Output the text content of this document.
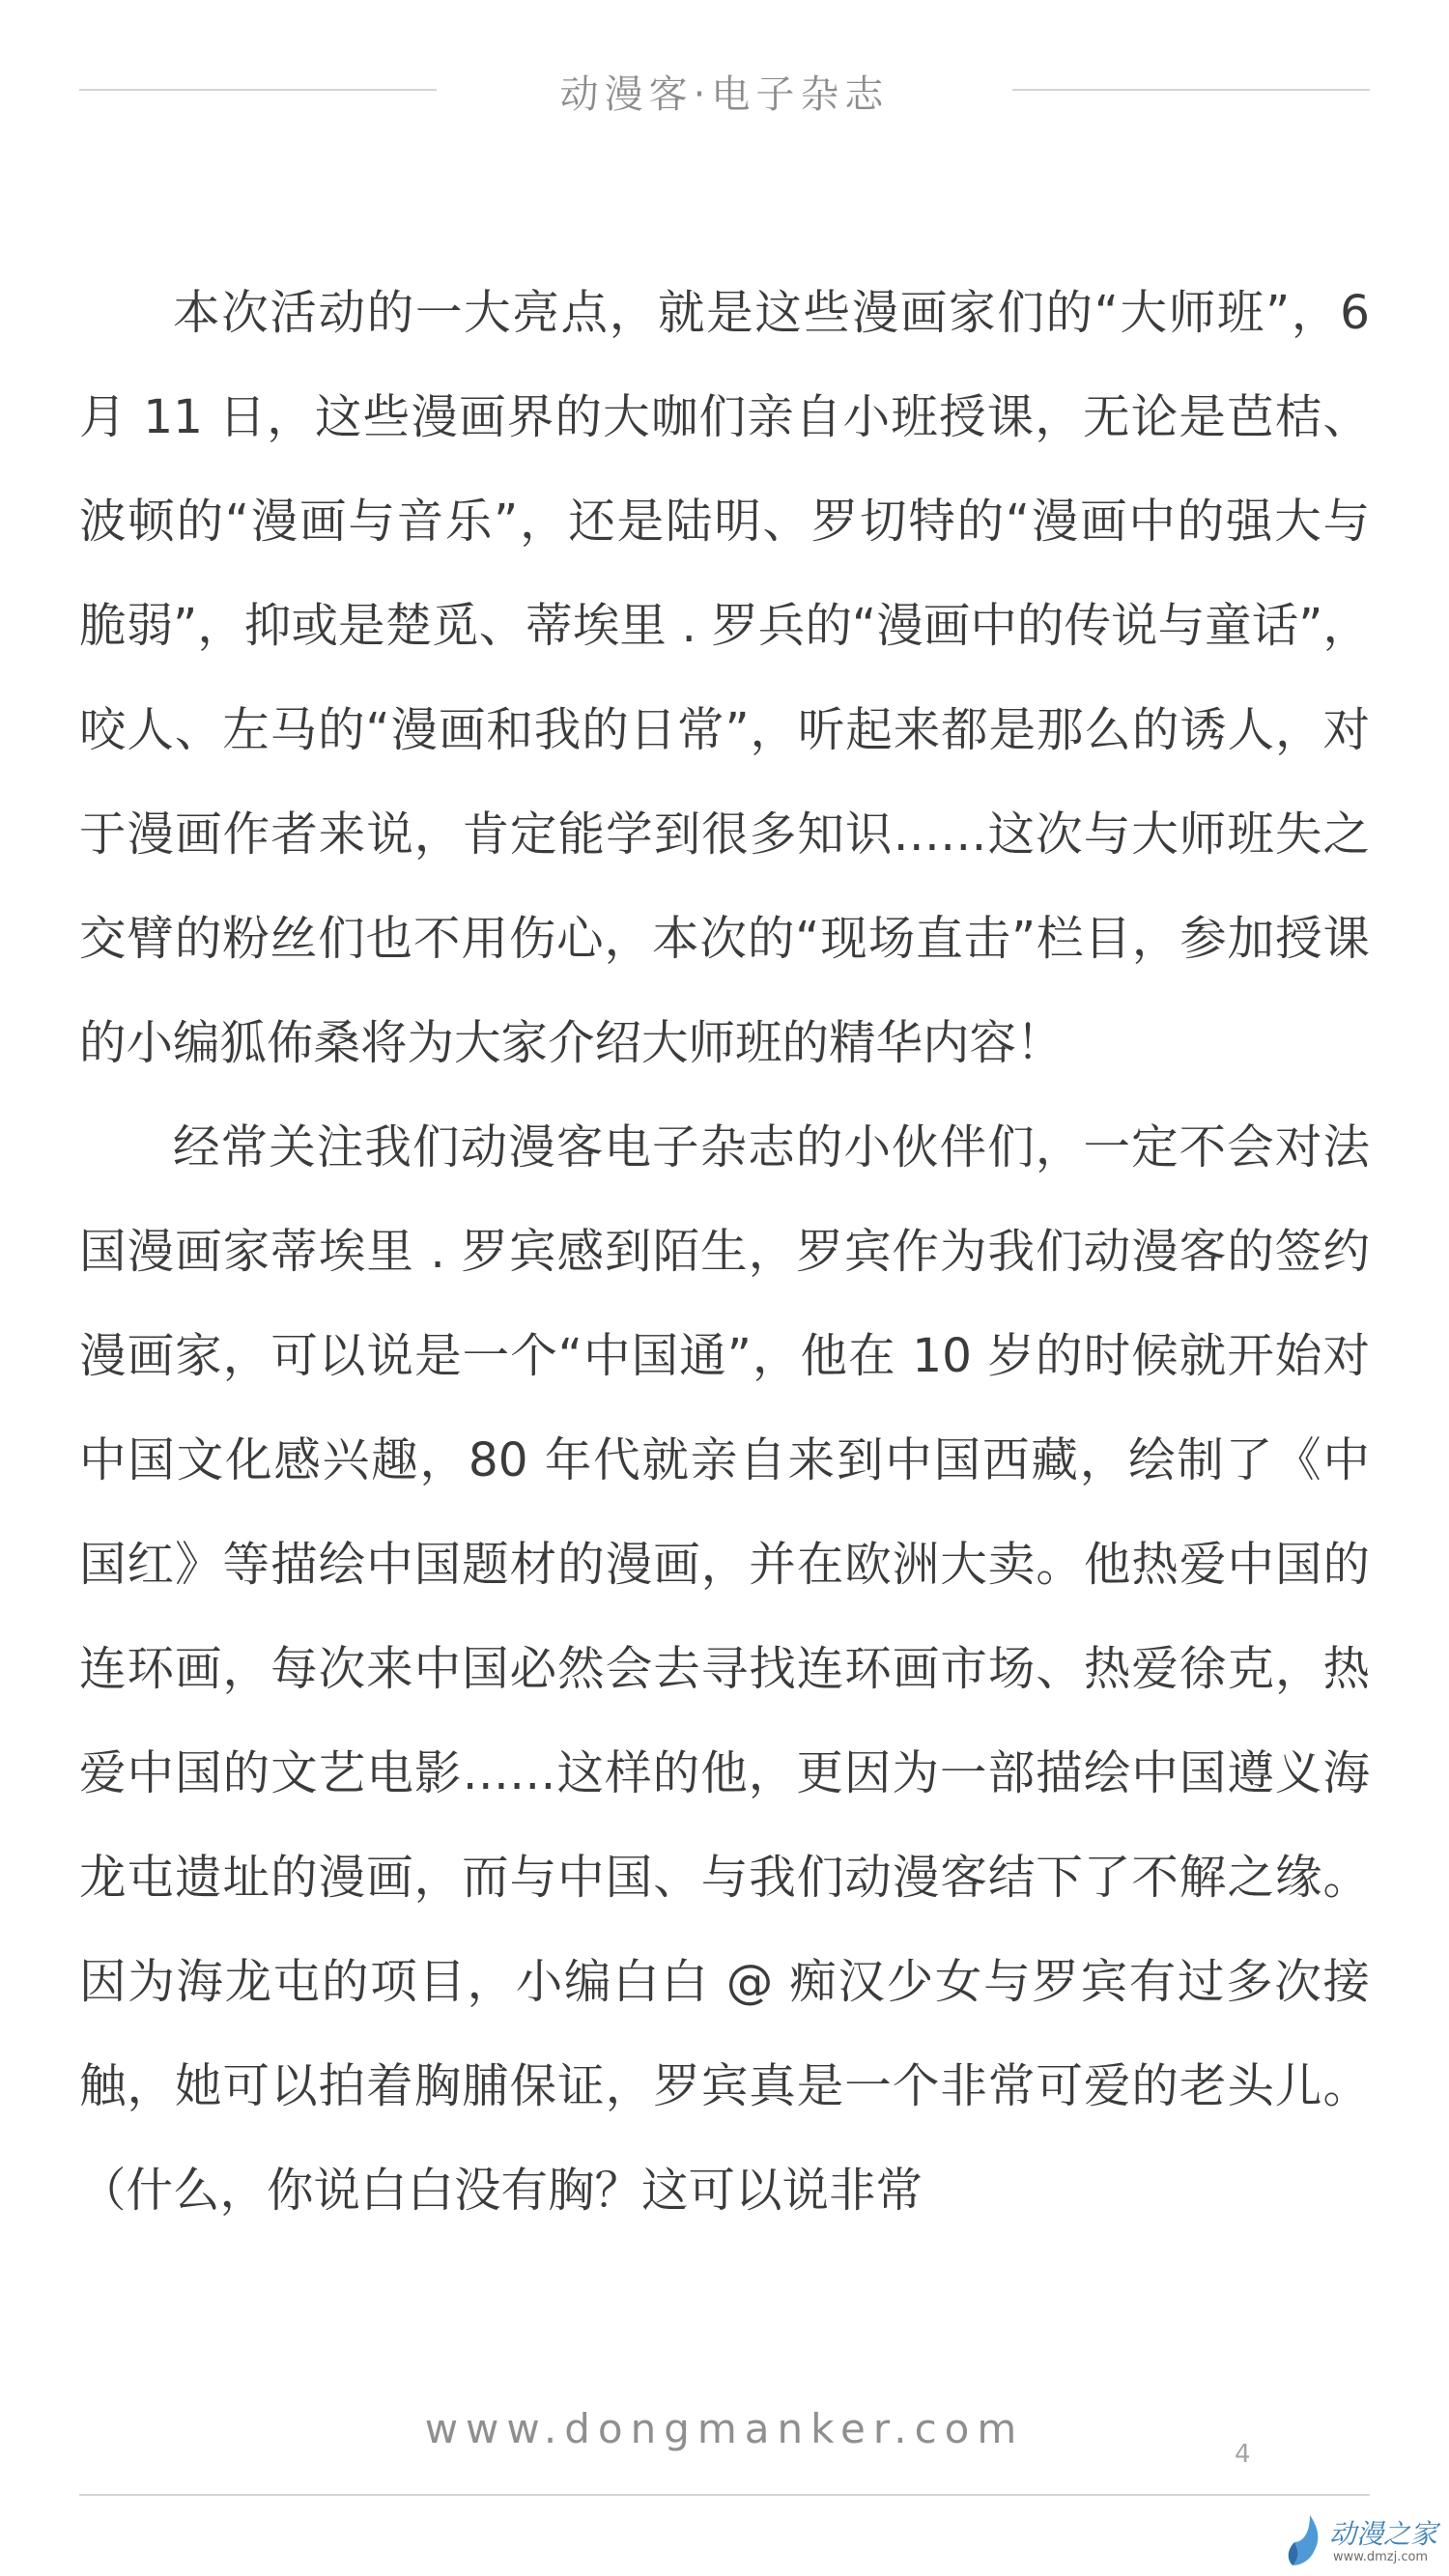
动漫客·电子杂志

本次活动的一大亮点，就是这些漫画家们的“大师班”，6 月 11 日，这些漫画界的大咖们亲自小班授课，无论是芭桔、波顿的“漫画与音乐”，还是陆明、罗切特的“漫画中的强大与脆弱”，抑或是楚觅、蒂埃里 . 罗兵的“漫画中的传说与童话”，咬人、左马的“漫画和我的日常”，听起来都是那么的诱人，对于漫画作者来说，肯定能学到很多知识……这次与大师班失之交臂的粉丝们也不用伤心，本次的“现场直击”栏目，参加授课的小编狐佈桑将为大家介绍大师班的精华内容！

经常关注我们动漫客电子杂志的小伙伴们，一定不会对法国漫画家蒂埃里 . 罗宾感到陌生，罗宾作为我们动漫客的签约漫画家，可以说是一个“中国通”，他在 10 岁的时候就开始对中国文化感兴趣，80 年代就亲自来到中国西藏，绘制了《中国红》等描绘中国题材的漫画，并在欧洲大卖。他热爱中国的连环画，每次来中国必然会去寻找连环画市场、热爱徐克，热爱中国的文艺电影……这样的他，更因为一部描绘中国遵义海龙屯遗址的漫画，而与中国、与我们动漫客结下了不解之缘。因为海龙屯的项目，小编白白 @ 痴汉少女与罗宾有过多次接触，她可以拍着胸脯保证，罗宾真是一个非常可爱的老头儿。（什么，你说白白没有胸？这可以说非常

www.dongmanker.com
4
动漫之家
www.dmzj.com
